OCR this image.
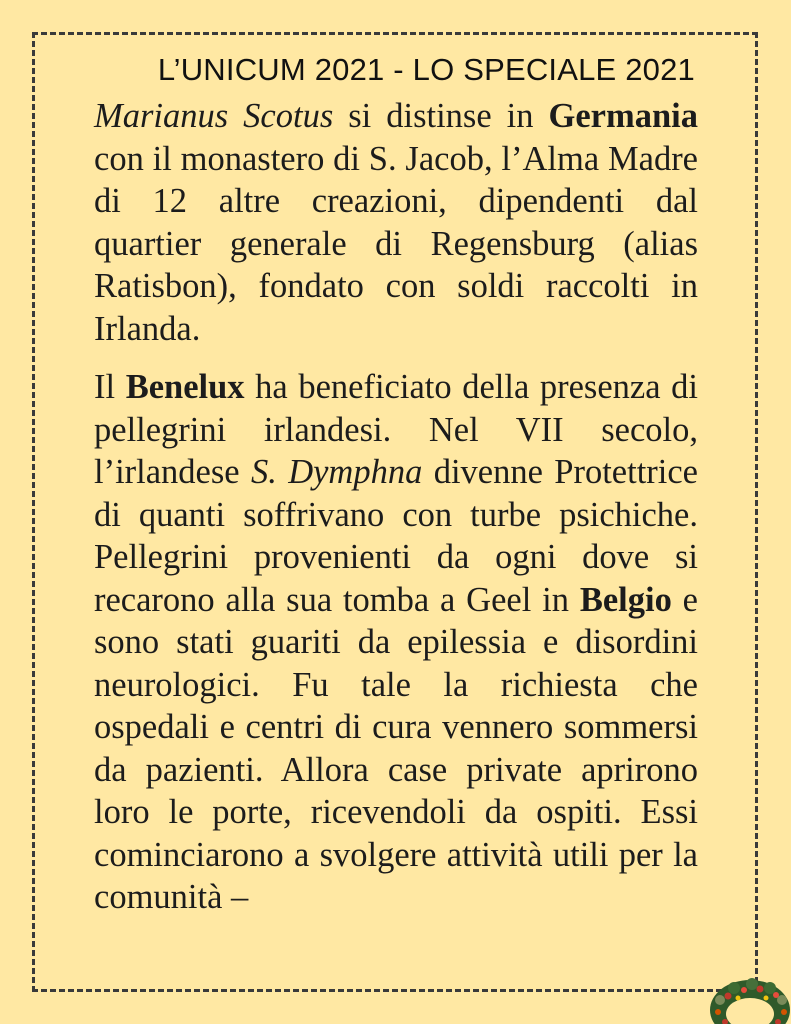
L’UNICUM 2021 - LO SPECIALE 2021
Marianus Scotus si distinse in Germania con il monastero di S. Jacob, l’Alma Madre di 12 altre creazioni, dipendenti dal quartier generale di Regensburg (alias Ratisbon), fondato con soldi raccolti in Irlanda.
Il Benelux ha beneficiato della presenza di pellegrini irlandesi. Nel VII secolo, l’irlandese S. Dymphna divenne Protettrice di quanti soffrivano con turbe psichiche. Pellegrini provenienti da ogni dove si recarono alla sua tomba a Geel in Belgio e sono stati guariti da epilessia e disordini neurologici. Fu tale la richiesta che ospedali e centri di cura vennero sommersi da pazienti. Allora case private aprirono loro le porte, ricevendoli da ospiti. Essi cominciarono a svolgere attività utili per la comunità –
